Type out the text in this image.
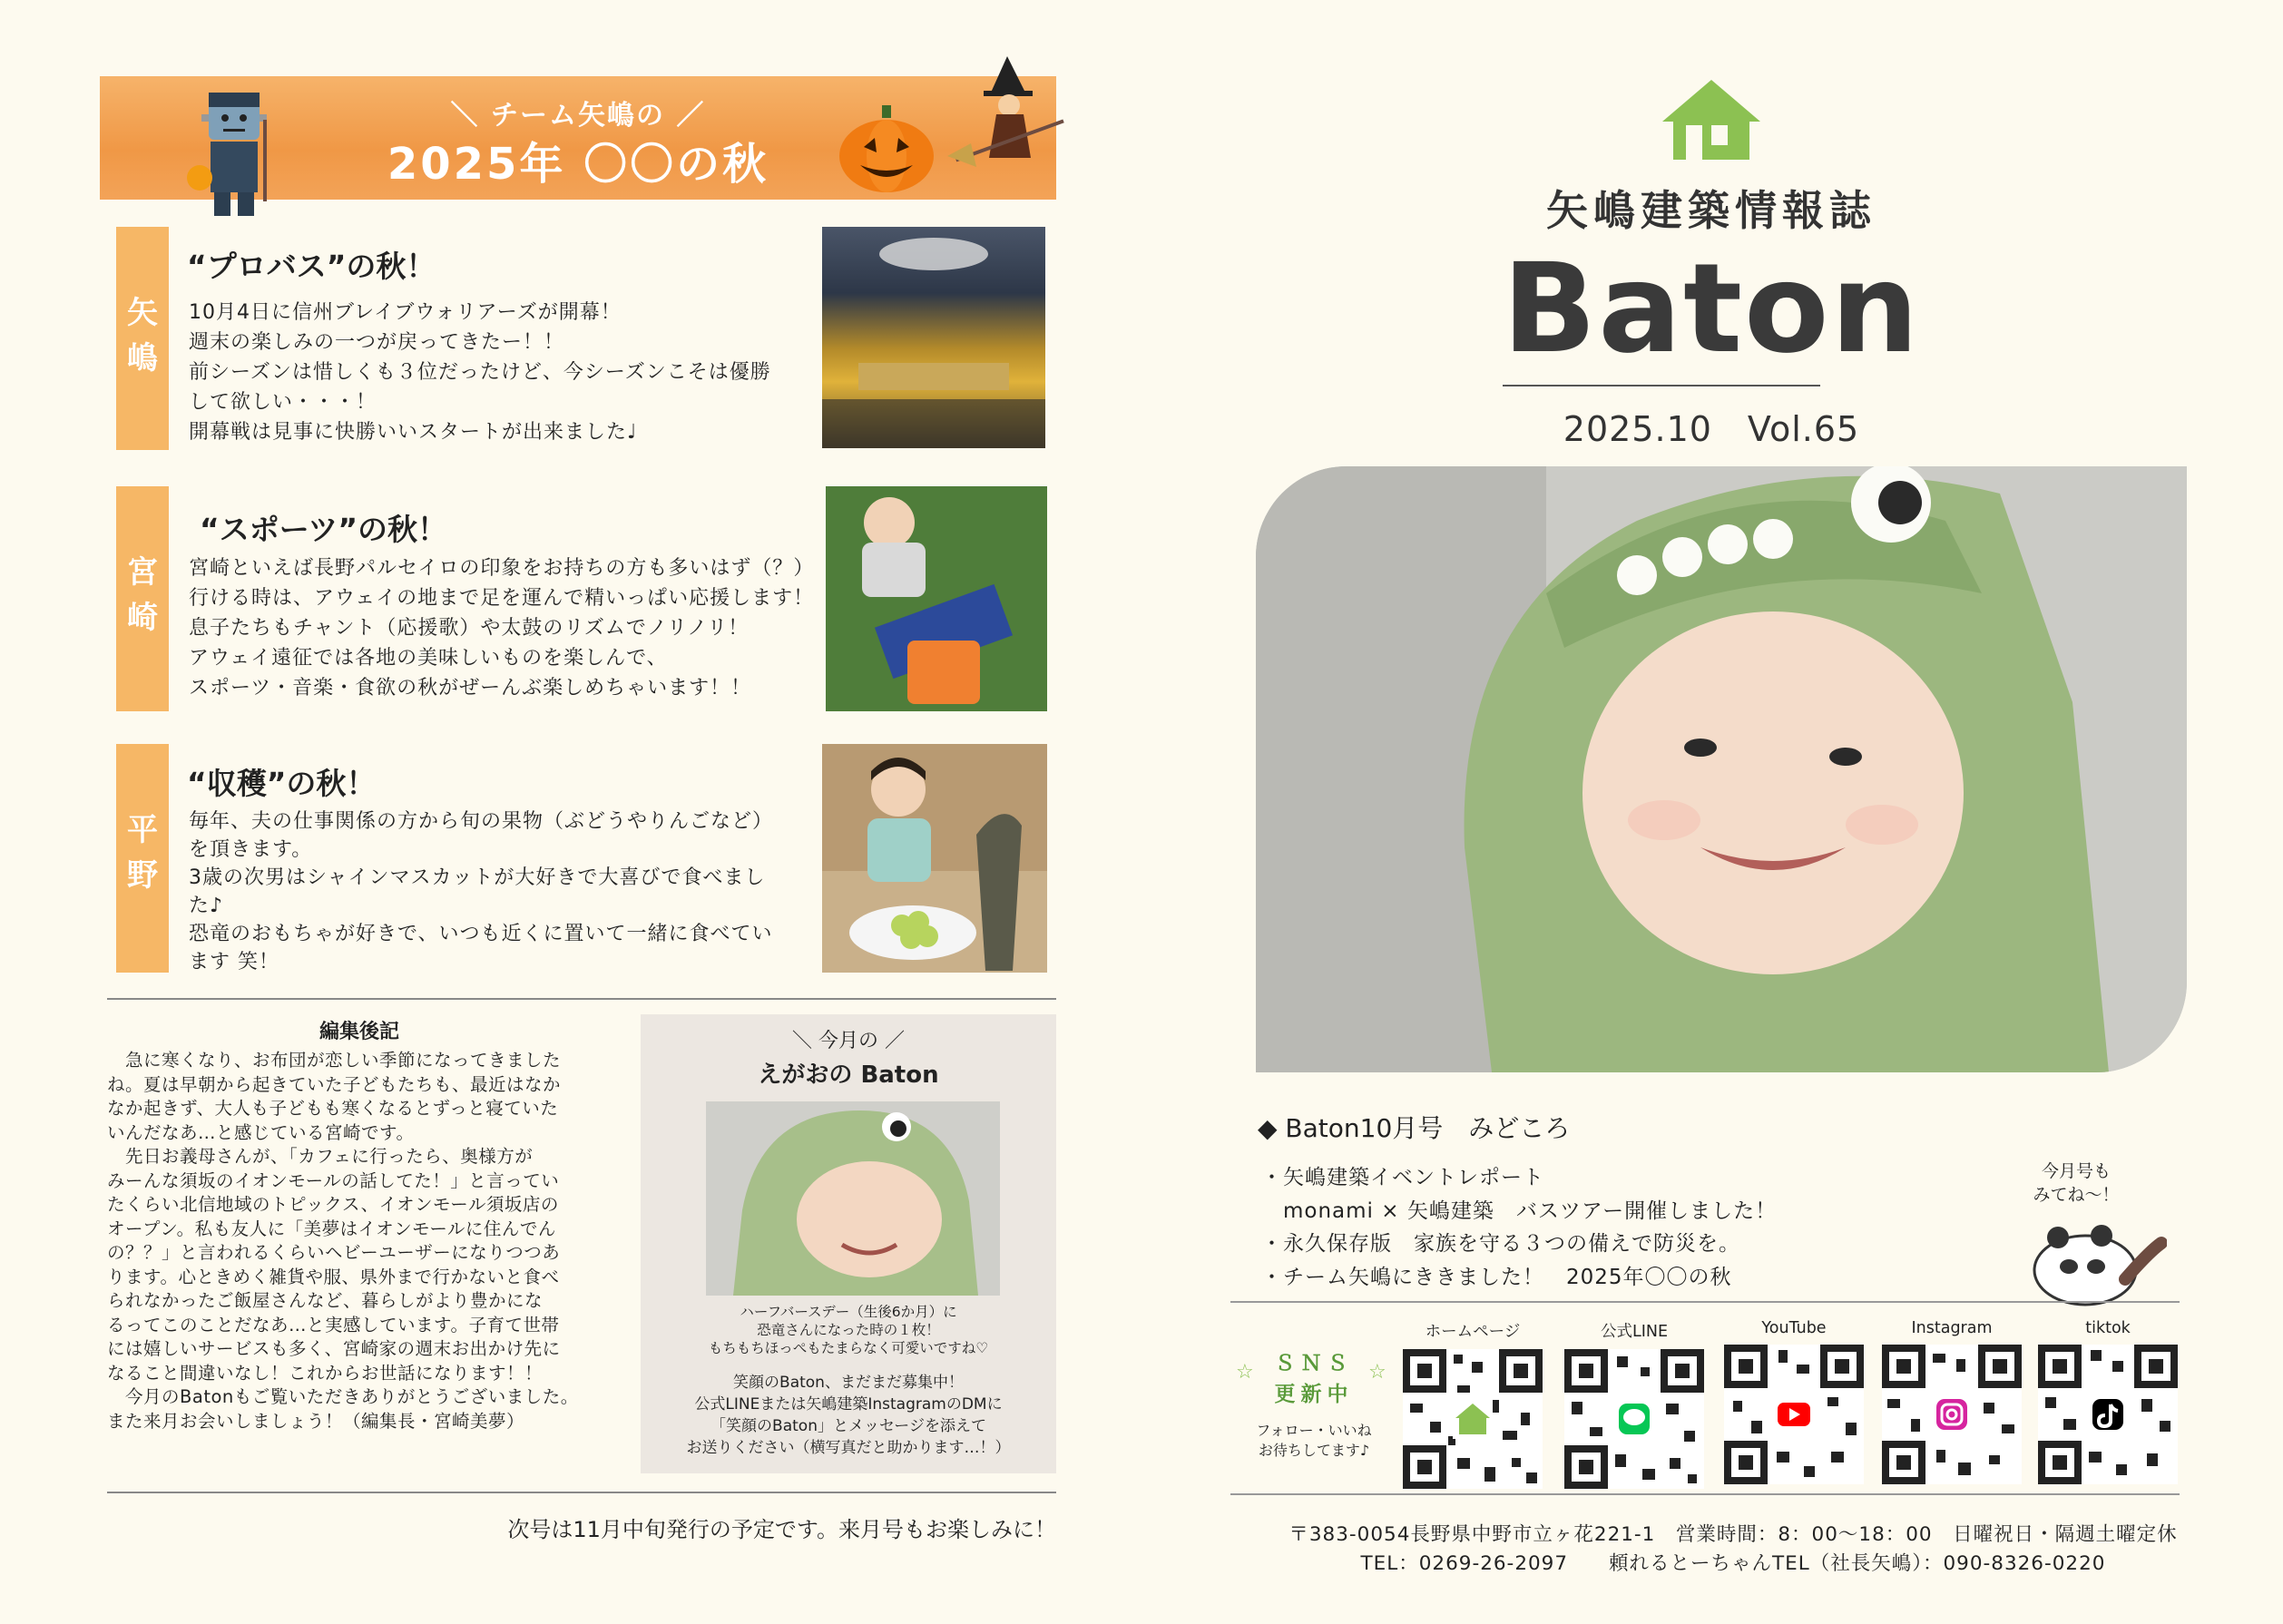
＼ チーム矢嶋の ／
2025年 〇〇の秋
矢
嶋
“プロバス”の秋！
10月4日に信州ブレイブウォリアーズが開幕！
週末の楽しみの一つが戻ってきたー！！
前シーズンは惜しくも３位だったけど、今シーズンこそは優勝
して欲しい・・・！
開幕戦は見事に快勝いいスタートが出来ました♩
宮
崎
“スポーツ”の秋！
宮崎といえば長野パルセイロの印象をお持ちの方も多いはず（？）
行ける時は、アウェイの地まで足を運んで精いっぱい応援します！
息子たちもチャント（応援歌）や太鼓のリズムでノリノリ！
アウェイ遠征では各地の美味しいものを楽しんで、
スポーツ・音楽・食欲の秋がぜーんぶ楽しめちゃいます！！
平
野
“収穫”の秋！
毎年、夫の仕事関係の方から旬の果物（ぶどうやりんごなど）
を頂きます。
3歳の次男はシャインマスカットが大好きで大喜びで食べまし
た♪
恐竜のおもちゃが好きで、いつも近くに置いて一緒に食べてい
ます 笑！
編集後記
　急に寒くなり、お布団が恋しい季節になってきました
ね。夏は早朝から起きていた子どもたちも、最近はなか
なか起きず、大人も子どもも寒くなるとずっと寝ていた
いんだなあ…と感じている宮崎です。
　先日お義母さんが、「カフェに行ったら、奥様方が
みーんな須坂のイオンモールの話してた！」と言ってい
たくらい北信地域のトピックス、イオンモール須坂店の
オープン。私も友人に「美夢はイオンモールに住んでん
の？？」と言われるくらいヘビーユーザーになりつつあ
ります。心ときめく雑貨や服、県外まで行かないと食べ
られなかったご飯屋さんなど、暮らしがより豊かにな
るってこのことだなあ…と実感しています。子育て世帯
には嬉しいサービスも多く、宮崎家の週末お出かけ先に
なること間違いなし！これからお世話になります！！
　今月のBatonもご覧いただきありがとうございました。
また来月お会いしましょう！（編集長・宮崎美夢）
＼ 今月の ／
えがおの Baton
ハーフバースデー（生後6か月）に
恐竜さんになった時の１枚！
もちもちほっぺもたまらなく可愛いですね♡
笑顔のBaton、まだまだ募集中！
公式LINEまたは矢嶋建築InstagramのDMに
「笑顔のBaton」とメッセージを添えて
お送りください（横写真だと助かります…！）
次号は11月中旬発行の予定です。来月号もお楽しみに！
矢嶋建築情報誌
Baton
2025.10　Vol.65
◆ Baton10月号　みどころ
・矢嶋建築イベントレポート
　monami × 矢嶋建築　バスツアー開催しました！
・永久保存版　家族を守る３つの備えで防災を。
・チーム矢嶋にききました！　2025年〇〇の秋
今月号も
みてね～！
☆	☆
ＳＮＳ
更新中
フォロー・いいね
お待ちしてます♪
ホームページ	公式LINE	YouTube	Instagram	tiktok
〒383-0054長野県中野市立ヶ花221-1　営業時間：8：00～18：00　日曜祝日・隔週土曜定休
TEL：0269-26-2097　　頼れるとーちゃんTEL（社長矢嶋）：090-8326-0220
